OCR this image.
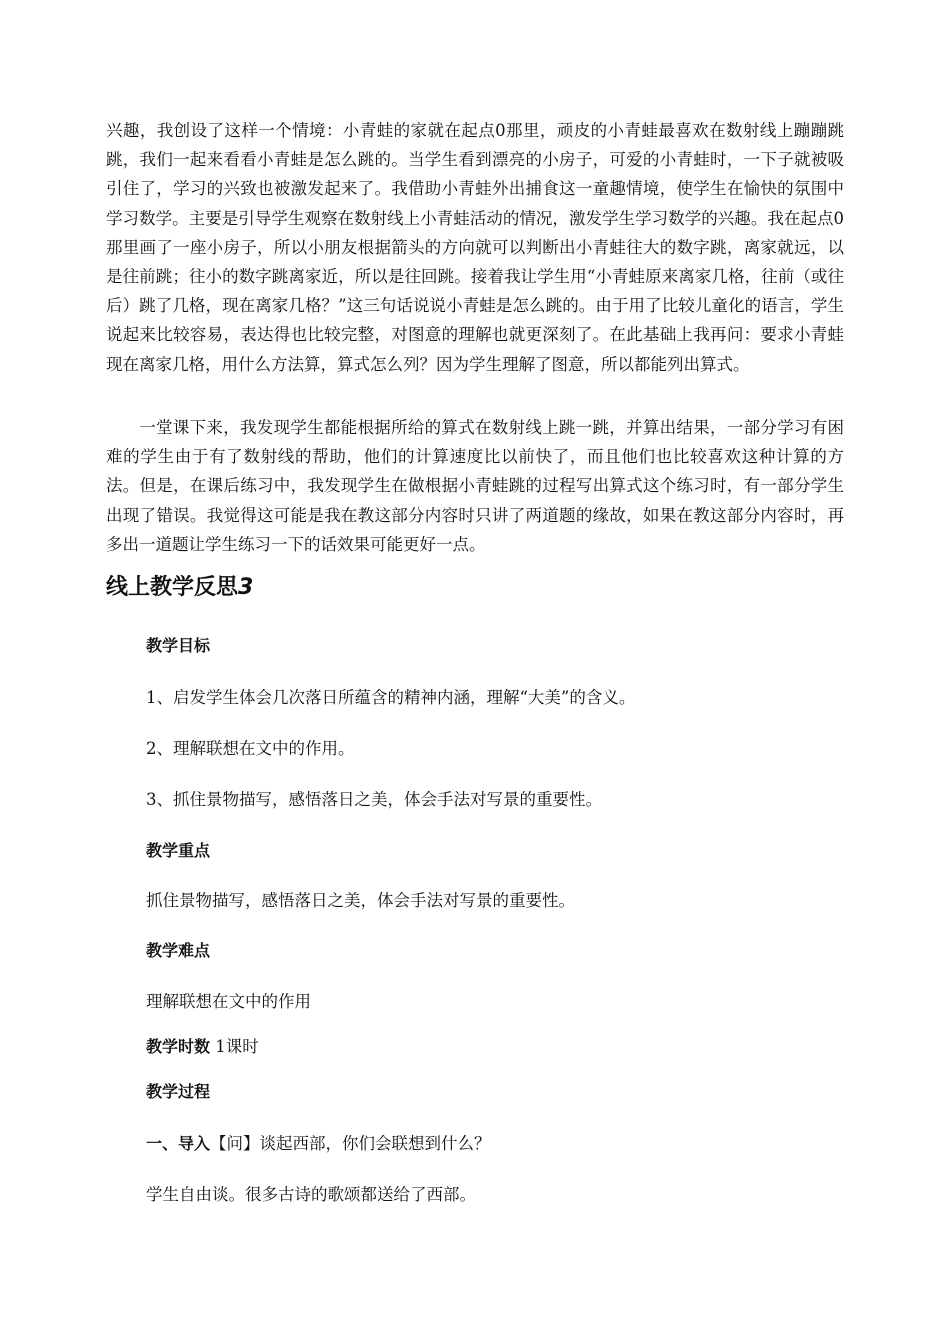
兴趣，我创设了这样一个情境：小青蛙的家就在起点0那里，顽皮的小青蛙最喜欢在数射线上蹦蹦跳跳，我们一起来看看小青蛙是怎么跳的。当学生看到漂亮的小房子，可爱的小青蛙时，一下子就被吸引住了，学习的兴致也被激发起来了。我借助小青蛙外出捕食这一童趣情境，使学生在愉快的氛围中学习数学。主要是引导学生观察在数射线上小青蛙活动的情况，激发学生学习数学的兴趣。我在起点0那里画了一座小房子，所以小朋友根据箭头的方向就可以判断出小青蛙往大的数字跳，离家就远，以是往前跳；往小的数字跳离家近，所以是往回跳。接着我让学生用“小青蛙原来离家几格，往前（或往后）跳了几格，现在离家几格？”这三句话说说小青蛙是怎么跳的。由于用了比较儿童化的语言，学生说起来比较容易，表达得也比较完整，对图意的理解也就更深刻了。在此基础上我再问：要求小青蛙现在离家几格，用什么方法算，算式怎么列？因为学生理解了图意，所以都能列出算式。

一堂课下来，我发现学生都能根据所给的算式在数射线上跳一跳，并算出结果，一部分学习有困难的学生由于有了数射线的帮助，他们的计算速度比以前快了，而且他们也比较喜欢这种计算的方法。但是，在课后练习中，我发现学生在做根据小青蛙跳的过程写出算式这个练习时，有一部分学生出现了错误。我觉得这可能是我在教这部分内容时只讲了两道题的缘故，如果在教这部分内容时，再多出一道题让学生练习一下的话效果可能更好一点。

线上教学反思3

教学目标

1、启发学生体会几次落日所蕴含的精神内涵，理解“大美”的含义。

2、理解联想在文中的作用。

3、抓住景物描写，感悟落日之美，体会手法对写景的重要性。

教学重点

抓住景物描写，感悟落日之美，体会手法对写景的重要性。

教学难点

理解联想在文中的作用

教学时数 1课时

教学过程

一、导入【问】谈起西部，你们会联想到什么？

学生自由谈。很多古诗的歌颂都送给了西部。
